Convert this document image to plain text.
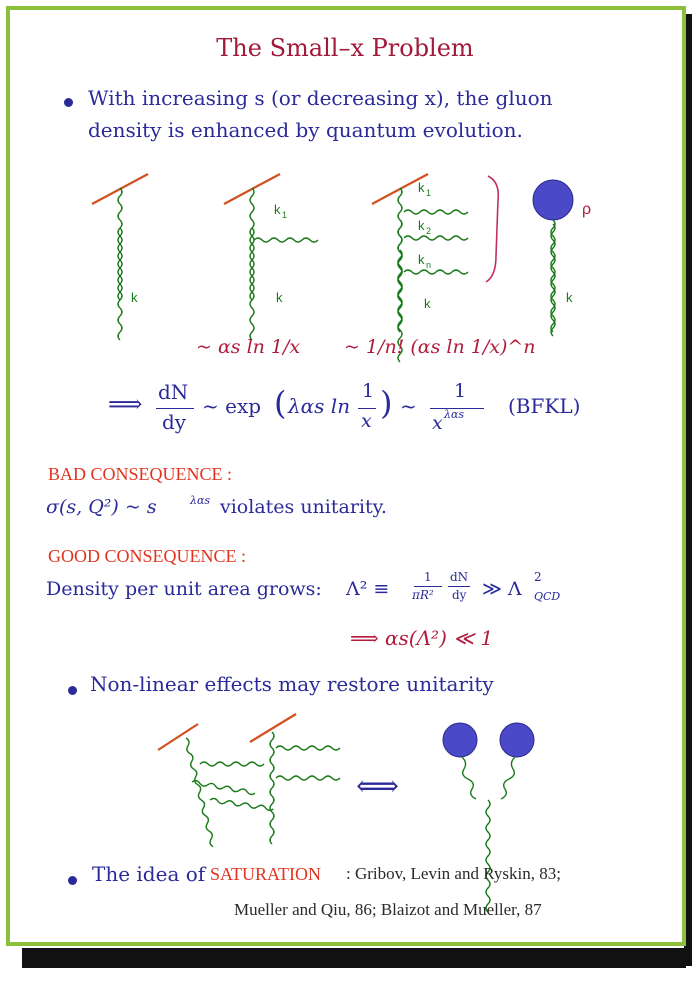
The Small–x Problem
With increasing s (or decreasing x), the gluon
density is enhanced by quantum evolution.
k
k 1
k
k 1
k 2
k n
k
ρ
k
~ αs ln 1/x ~ 1/n! (αs ln 1/x)^n
⟹ dN
dy
~ exp ( λαs ln
1
x ) ~
1
x λαs (BFKL)
BAD CONSEQUENCE :
σ(s, Q²) ~ s	λαs violates unitarity.
GOOD CONSEQUENCE :
Density per unit area grows: Λ² ≡
1
πR²
dN
dy ≫ Λ
2
QCD
⟹ αs(Λ²) ≪ 1
Non-linear effects may restore unitarity
⟺
The idea of SATURATION : Gribov, Levin and Ryskin, 83;
Mueller and Qiu, 86; Blaizot and Mueller, 87
